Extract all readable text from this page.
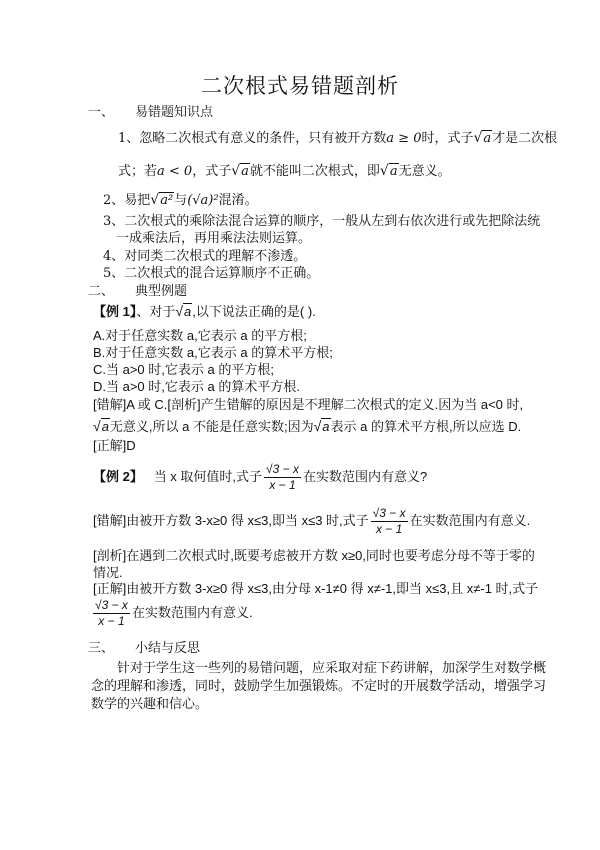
二次根式易错题剖析
一、 易错题知识点
1、忽略二次根式有意义的条件，只有被开方数a ≥ 0时，式子√a才是二次根
式；若a < 0，式子√a就不能叫二次根式，即√a无意义。
2、易把√a²与(√a)²混淆。
3、二次根式的乘除法混合运算的顺序，一般从左到右依次进行或先把除法统
一成乘法后，再用乘法法则运算。
4、对同类二次根式的理解不渗透。
5、二次根式的混合运算顺序不正确。
二、 典型例题
【例 1】、对于√a,以下说法正确的是( ).
A.对于任意实数 a,它表示 a 的平方根;
B.对于任意实数 a,它表示 a 的算术平方根;
C.当 a>0 时,它表示 a 的平方根;
D.当 a>0 时,它表示 a 的算术平方根.
[错解]A 或 C.[剖析]产生错解的原因是不理解二次根式的定义.因为当 a<0 时,
√a无意义,所以 a 不能是任意实数;因为√a表示 a 的算术平方根,所以应选 D.
[正解]D
【例 2】 当 x 取何值时,式子 $\frac{√3 - x}{x - 1}$ 在实数范围内有意义?
[错解]由被开方数 3-x≥0 得 x≤3,即当 x≤3 时,式子 $\frac{√3 - x}{x - 1}$ 在实数范围内有意义.
[剖析]在遇到二次根式时,既要考虑被开方数 x≥0,同时也要考虑分母不等于零的
情况.
[正解]由被开方数 3-x≥0 得 x≤3,由分母 x-1≠0 得 x≠-1,即当 x≤3,且 x≠-1 时,式子
$\frac{√3 - x}{x - 1}$ 在实数范围内有意义.
三、 小结与反思
针对于学生这一些列的易错问题，应采取对症下药讲解，加深学生对数学概
念的理解和渗透，同时，鼓励学生加强锻炼。不定时的开展数学活动，增强学习
数学的兴趣和信心。
